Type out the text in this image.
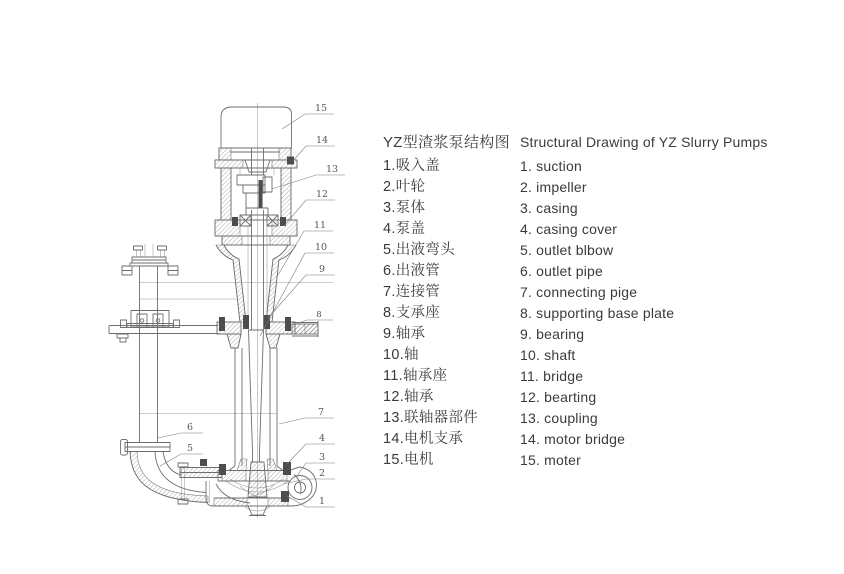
15
14
13
12
11
10
9
8
7
6
5
4
3
2
1
YZ型渣浆泵结构图
1.吸入盖
2.叶轮
3.泵体
4.泵盖
5.出液弯头
6.出液管
7.连接管
8.支承座
9.轴承
10.轴
11.轴承座
12.轴承
13.联轴器部件
14.电机支承
15.电机
Structural Drawing of YZ Slurry Pumps
1. suction
2. impeller
3. casing
4. casing cover
5. outlet blbow
6. outlet pipe
7. connecting pige
8. supporting base plate
9. bearing
10. shaft
11. bridge
12. bearting
13. coupling
14. motor bridge
15. moter
